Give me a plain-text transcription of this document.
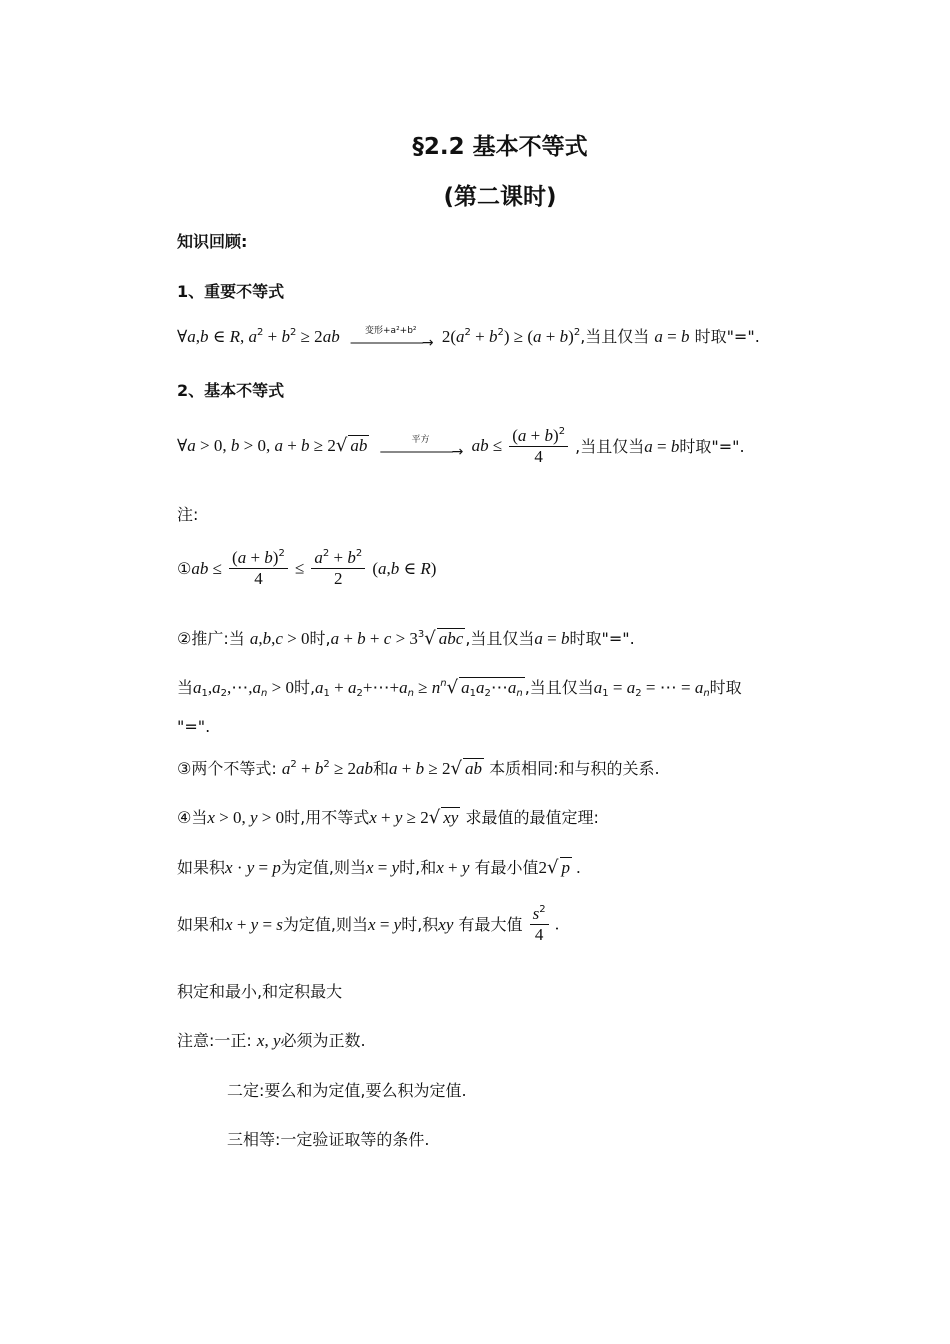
§2.2 基本不等式
(第二课时)
知识回顾:
1、重要不等式
∀a,b ∈ R, $a^2 + b^2 \ge 2ab$	变形+a²+b²
——————→ $2(a^2 + b^2) \ge (a + b)^2$,当且仅当 a = b 时取"=".
2、基本不等式
∀a > 0, b > 0, a + b ≥ 2√ ab	平方
——————→ ab ≤ $\frac{(a + b)^2}{4}$ ,当且仅当a = b时取"=".
注:
①ab ≤ $\frac{(a + b)^2}{4} \le \frac{a^2 + b^2}{2} (a,b$ ∈ R)
②推广:当 a,b,c > 0时$,a + b + c > 3^3√$ abc ,当且仅当a = b时取"=".
当$a_1,a_2,\cdots,a_n > 0$时$,a_1$ + $a_2+\cdots+a_n \ge n^n√$ $a_1a_2\cdots a_n$ ,当且仅当$a_1 = a_2$ = ⋯ = $a_n$时取
"=".
③两个不等式: $a^2 + b^2 \ge 2ab$和a + b ≥ 2√ ab 本质相同:和与积的关系.
④当x > 0, y > 0时,用不等式x + y ≥ 2√ xy 求最值的最值定理:
如果积x · y = p为定值,则当x = y时,和x + y 有最小值2√ p .
如果和x + y = s为定值,则当x = y时,积xy 有最大值 $\frac{s^2}{4}$ .
积定和最小,和定积最大
注意:一正: x, y必须为正数.
二定:要么和为定值,要么积为定值.
三相等:一定验证取等的条件.
